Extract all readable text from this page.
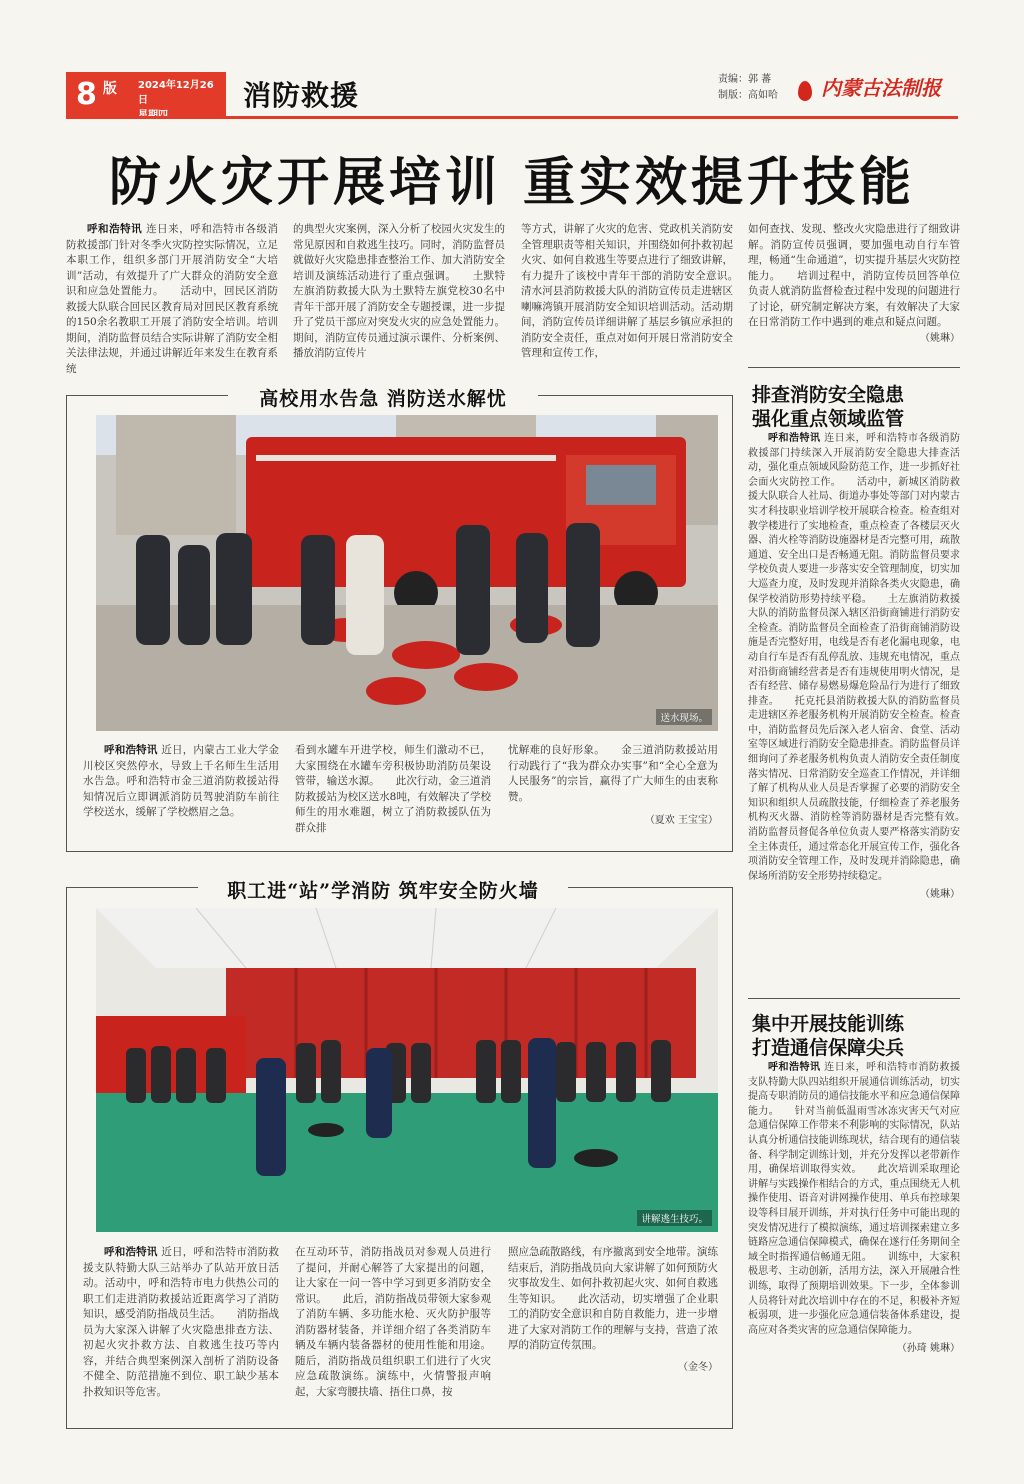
8 版 2024年12月26日	消防救援	责编：郭 蕃
制版：高如哈	内蒙古法制报
防火灾开展培训 重实效提升技能
呼和浩特讯 连日来，呼和浩特市各级消防救援部门针对冬季火灾防控实际情况，立足本职工作，组织多部门开展消防安全“大培训”活动，有效提升了广大群众的消防安全意识和应急处置能力。　　活动中，回民区消防救援大队联合回民区教育局对回民区教育系统的150余名教职工开展了消防安全培训。培训期间，消防监督员结合实际讲解了消防安全相关法律法规，并通过讲解近年来发生在教育系统
的典型火灾案例，深入分析了校园火灾发生的常见原因和自救逃生技巧。同时，消防监督员就做好火灾隐患排查整治工作、加大消防安全培训及演练活动进行了重点强调。　　土默特左旗消防救援大队为土默特左旗党校30名中青年干部开展了消防安全专题授课，进一步提升了党员干部应对突发火灾的应急处置能力。期间，消防宣传员通过演示课件、分析案例、播放消防宣传片
等方式，讲解了火灾的危害、党政机关消防安全管理职责等相关知识，并围绕如何扑救初起火灾、如何自救逃生等要点进行了细致讲解，有力提升了该校中青年干部的消防安全意识。　　清水河县消防救援大队的消防宣传员走进辖区喇嘛湾镇开展消防安全知识培训活动。活动期间，消防宣传员详细讲解了基层乡镇应承担的消防安全责任，重点对如何开展日常消防安全管理和宣传工作，
如何查找、发现、整改火灾隐患进行了细致讲解。消防宣传员强调，要加强电动自行车管理，畅通“生命通道”，切实提升基层火灾防控能力。　　培训过程中，消防宣传员回答单位负责人就消防监督检查过程中发现的问题进行了讨论，研究制定解决方案，有效解决了大家在日常消防工作中遇到的难点和疑点问题。
（姚琳）
高校用水告急 消防送水解忧
送水现场。
呼和浩特讯 近日，内蒙古工业大学金川校区突然停水，导致上千名师生生活用水告急。呼和浩特市金三道消防救援站得知情况后立即调派消防员驾驶消防车前往学校送水，缓解了学校燃眉之急。
看到水罐车开进学校，师生们激动不已，大家围绕在水罐车旁积极协助消防员架设管带，输送水源。　　此次行动，金三道消防救援站为校区送水8吨，有效解决了学校师生的用水难题，树立了消防救援队伍为群众排
忧解难的良好形象。　　金三道消防救援站用行动践行了“我为群众办实事”和“全心全意为人民服务”的宗旨，赢得了广大师生的由衷称赞。
（夏欢 王宝宝）
职工进“站”学消防 筑牢安全防火墙
讲解逃生技巧。
呼和浩特讯 近日，呼和浩特市消防救援支队特勤大队三站举办了队站开放日活动。活动中，呼和浩特市电力供热公司的职工们走进消防救援站近距离学习了消防知识，感受消防指战员生活。　　消防指战员为大家深入讲解了火灾隐患排查方法、初起火灾扑救方法、自救逃生技巧等内容，并结合典型案例深入剖析了消防设备不健全、防范措施不到位、职工缺少基本扑救知识等危害。
在互动环节，消防指战员对参观人员进行了提问，并耐心解答了大家提出的问题，让大家在一问一答中学习到更多消防安全常识。　　此后，消防指战员带领大家参观了消防车辆、多功能水枪、灭火防护服等消防器材装备，并详细介绍了各类消防车辆及车辆内装备器材的使用性能和用途。随后，消防指战员组织职工们进行了火灾应急疏散演练。演练中，火情警报声响起，大家弯腰扶墙、捂住口鼻，按
照应急疏散路线，有序撤离到安全地带。演练结束后，消防指战员向大家讲解了如何预防火灾事故发生、如何扑救初起火灾、如何自救逃生等知识。　　此次活动，切实增强了企业职工的消防安全意识和自防自救能力，进一步增进了大家对消防工作的理解与支持，营造了浓厚的消防宣传氛围。
（金冬）
排查消防安全隐患
强化重点领域监管
呼和浩特讯 连日来，呼和浩特市各级消防救援部门持续深入开展消防安全隐患大排查活动，强化重点领域风险防范工作，进一步抓好社会面火灾防控工作。　　活动中，新城区消防救援大队联合人社局、街道办事处等部门对内蒙古实才科技职业培训学校开展联合检查。检查组对教学楼进行了实地检查，重点检查了各楼层灭火器、消火栓等消防设施器材是否完整可用，疏散通道、安全出口是否畅通无阻。消防监督员要求学校负责人要进一步落实安全管理制度，切实加大巡查力度，及时发现并消除各类火灾隐患，确保学校消防形势持续平稳。　　土左旗消防救援大队的消防监督员深入辖区沿街商铺进行消防安全检查。消防监督员全面检查了沿街商铺消防设施是否完整好用，电线是否有老化漏电现象，电动自行车是否有乱停乱放、违规充电情况，重点对沿街商铺经营者是否有违规使用明火情况，是否有经营、储存易燃易爆危险品行为进行了细致排查。　　托克托县消防救援大队的消防监督员走进辖区养老服务机构开展消防安全检查。检查中，消防监督员先后深入老人宿舍、食堂、活动室等区域进行消防安全隐患排查。消防监督员详细询问了养老服务机构负责人消防安全责任制度落实情况、日常消防安全巡查工作情况，并详细了解了机构从业人员是否掌握了必要的消防安全知识和组织人员疏散技能，仔细检查了养老服务机构灭火器、消防栓等消防器材是否完整有效。　　消防监督员督促各单位负责人要严格落实消防安全主体责任，通过常态化开展宣传工作，强化各项消防安全管理工作，及时发现并消除隐患，确保场所消防安全形势持续稳定。
（姚琳）
集中开展技能训练
打造通信保障尖兵
呼和浩特讯 连日来，呼和浩特市消防救援支队特勤大队四站组织开展通信训练活动，切实提高专职消防员的通信技能水平和应急通信保障能力。　　针对当前低温雨雪冰冻灾害天气对应急通信保障工作带来不利影响的实际情况，队站认真分析通信技能训练现状，结合现有的通信装备、科学制定训练计划，并充分发挥以老带新作用，确保培训取得实效。　　此次培训采取理论讲解与实践操作相结合的方式，重点围绕无人机操作使用、语音对讲网操作使用、单兵布控球架设等科目展开训练，并对执行任务中可能出现的突发情况进行了模拟演练，通过培训探索建立多链路应急通信保障模式，确保在遂行任务期间全域全时指挥通信畅通无阻。　　训练中，大家积极思考、主动创新，活用方法，深入开展融合性训练，取得了预期培训效果。下一步，全体参训人员将针对此次培训中存在的不足，积极补齐短板弱项，进一步强化应急通信装备体系建设，提高应对各类灾害的应急通信保障能力。
（孙琦 姚琳）
